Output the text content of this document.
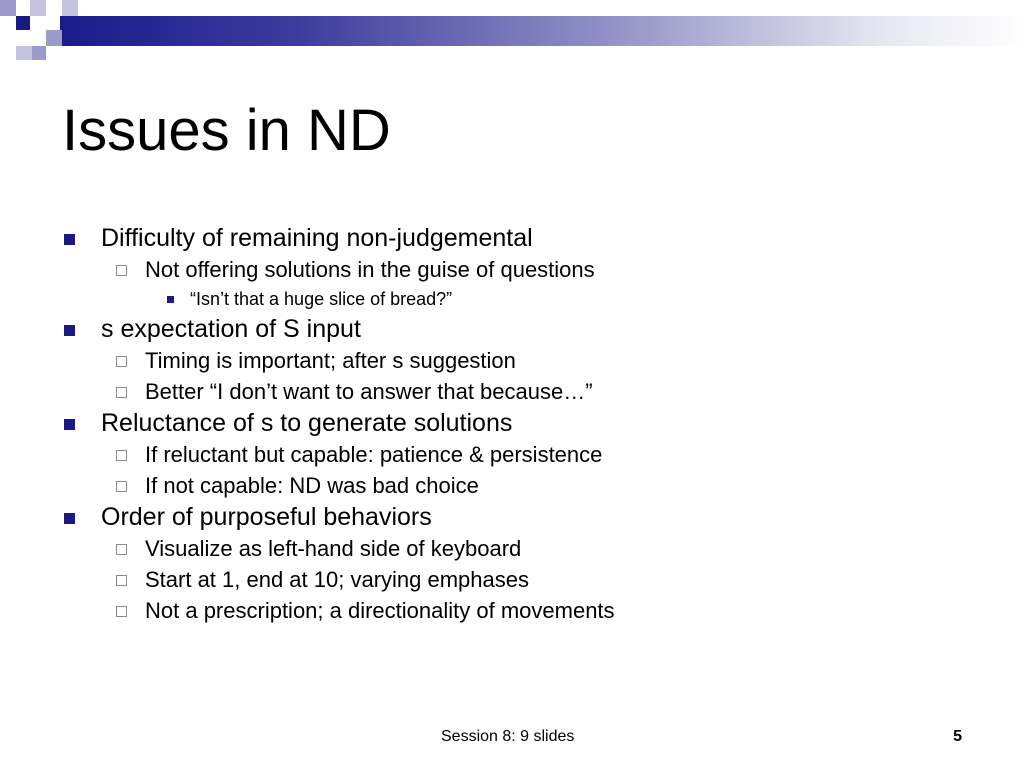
Issues in ND
Difficulty of remaining non-judgemental
Not offering solutions in the guise of questions
“Isn’t that a huge slice of bread?”
s expectation of S input
Timing is important; after s suggestion
Better “I don’t want to answer that because…”
Reluctance of s to generate solutions
If reluctant but capable: patience & persistence
If not capable: ND was bad choice
Order of purposeful behaviors
Visualize as left-hand side of keyboard
Start at 1, end at 10; varying emphases
Not a prescription; a directionality of movements
Session 8: 9 slides	5
